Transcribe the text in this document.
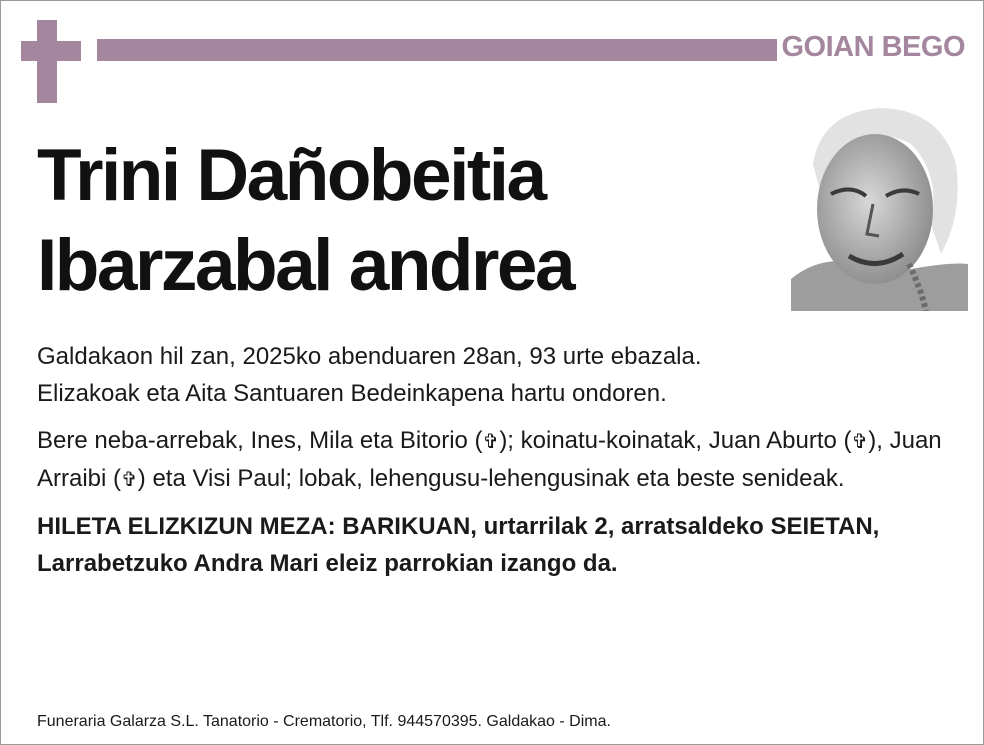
GOIAN BEGO
Trini Dañobeitia
Ibarzabal andrea

Galdakaon hil zan, 2025ko abenduaren 28an, 93 urte ebazala.
Elizakoak eta Aita Santuaren Bedeinkapena hartu ondoren.

Bere neba-arrebak, Ines, Mila eta Bitorio (✞); koinatu-koinatak, Juan Aburto (✞), Juan Arraibi (✞) eta Visi Paul; lobak, lehengusu-lehengusinak eta beste senideak.

HILETA ELIZKIZUN MEZA: BARIKUAN, urtarrilak 2, arratsaldeko SEIETAN, Larrabetzuko Andra Mari eleiz parrokian izango da.

Funeraria Galarza S.L. Tanatorio - Crematorio, Tlf. 944570395. Galdakao - Dima.
